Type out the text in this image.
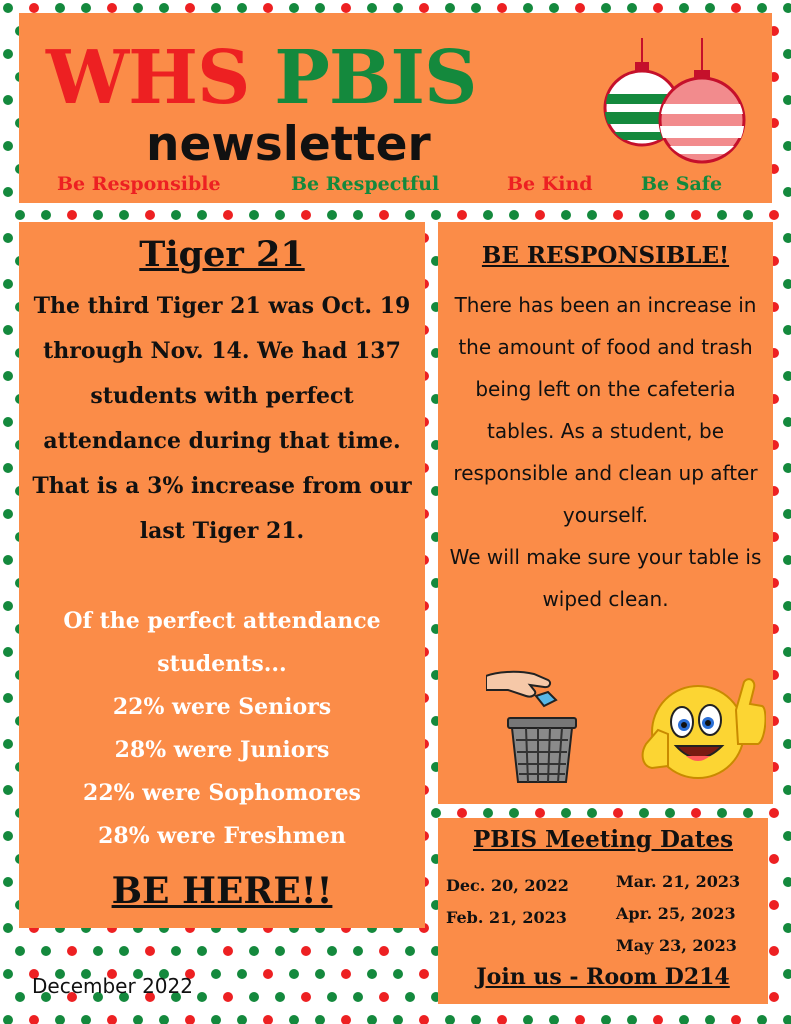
WHS PBIS
newsletter
Be Responsible	Be Respectful	Be Kind	Be Safe
Tiger 21

The third Tiger 21 was Oct. 19 through Nov. 14. We had 137 students with perfect attendance during that time. That is a 3% increase from our last Tiger 21.

Of the perfect attendance students...
22% were Seniors
28% were Juniors
22% were Sophomores
28% were Freshmen
BE HERE!!
BE RESPONSIBLE!
There has been an increase in the amount of food and trash being left on the cafeteria tables. As a student, be responsible and clean up after yourself.
We will make sure your table is wiped clean.
PBIS Meeting Dates
Dec. 20, 2022
Feb. 21, 2023
Mar. 21, 2023
Apr. 25, 2023
May 23, 2023
Join us - Room D214
December 2022
